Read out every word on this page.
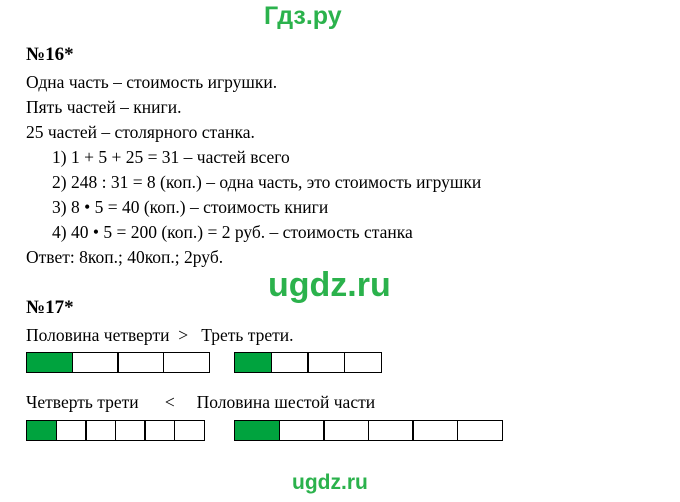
Гдз.ру
№16*
Одна часть – стоимость игрушки.
Пять частей – книги.
25 частей – столярного станка.
1) 1 + 5 + 25 = 31 – частей всего
2) 248 : 31 = 8 (коп.) – одна часть, это стоимость игрушки
3) 8 • 5 = 40 (коп.) – стоимость книги
4) 40 • 5 = 200 (коп.) = 2 руб. – стоимость станка
Ответ: 8коп.; 40коп.; 2руб.
ugdz.ru
№17*
Половина четверти  >   Треть трети.
Четверть трети      <     Половина шестой части
ugdz.ru
